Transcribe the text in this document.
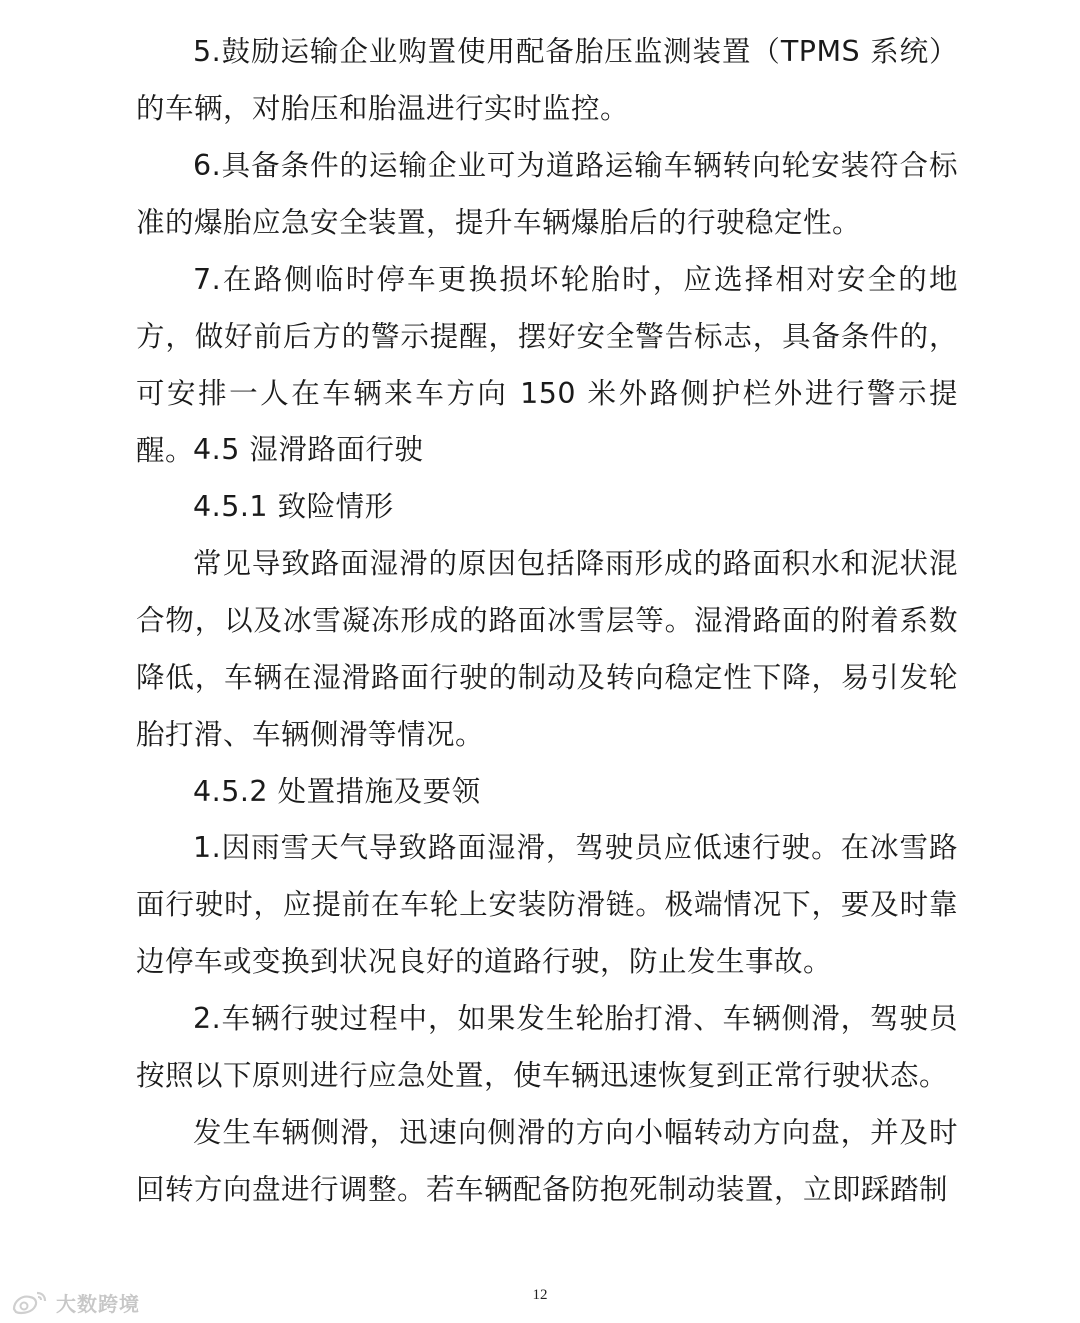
5.鼓励运输企业购置使用配备胎压监测装置（TPMS 系统）的车辆，对胎压和胎温进行实时监控。

6.具备条件的运输企业可为道路运输车辆转向轮安装符合标准的爆胎应急安全装置，提升车辆爆胎后的行驶稳定性。

7.在路侧临时停车更换损坏轮胎时，应选择相对安全的地方，做好前后方的警示提醒，摆好安全警告标志，具备条件的，可安排一人在车辆来车方向 150 米外路侧护栏外进行警示提醒。

4.5 湿滑路面行驶

4.5.1 致险情形

常见导致路面湿滑的原因包括降雨形成的路面积水和泥状混合物，以及冰雪凝冻形成的路面冰雪层等。湿滑路面的附着系数降低，车辆在湿滑路面行驶的制动及转向稳定性下降，易引发轮胎打滑、车辆侧滑等情况。

4.5.2 处置措施及要领

1.因雨雪天气导致路面湿滑，驾驶员应低速行驶。在冰雪路面行驶时，应提前在车轮上安装防滑链。极端情况下，要及时靠边停车或变换到状况良好的道路行驶，防止发生事故。

2.车辆行驶过程中，如果发生轮胎打滑、车辆侧滑，驾驶员按照以下原则进行应急处置，使车辆迅速恢复到正常行驶状态。

发生车辆侧滑，迅速向侧滑的方向小幅转动方向盘，并及时回转方向盘进行调整。若车辆配备防抱死制动装置，立即踩踏制

12
大数跨境
